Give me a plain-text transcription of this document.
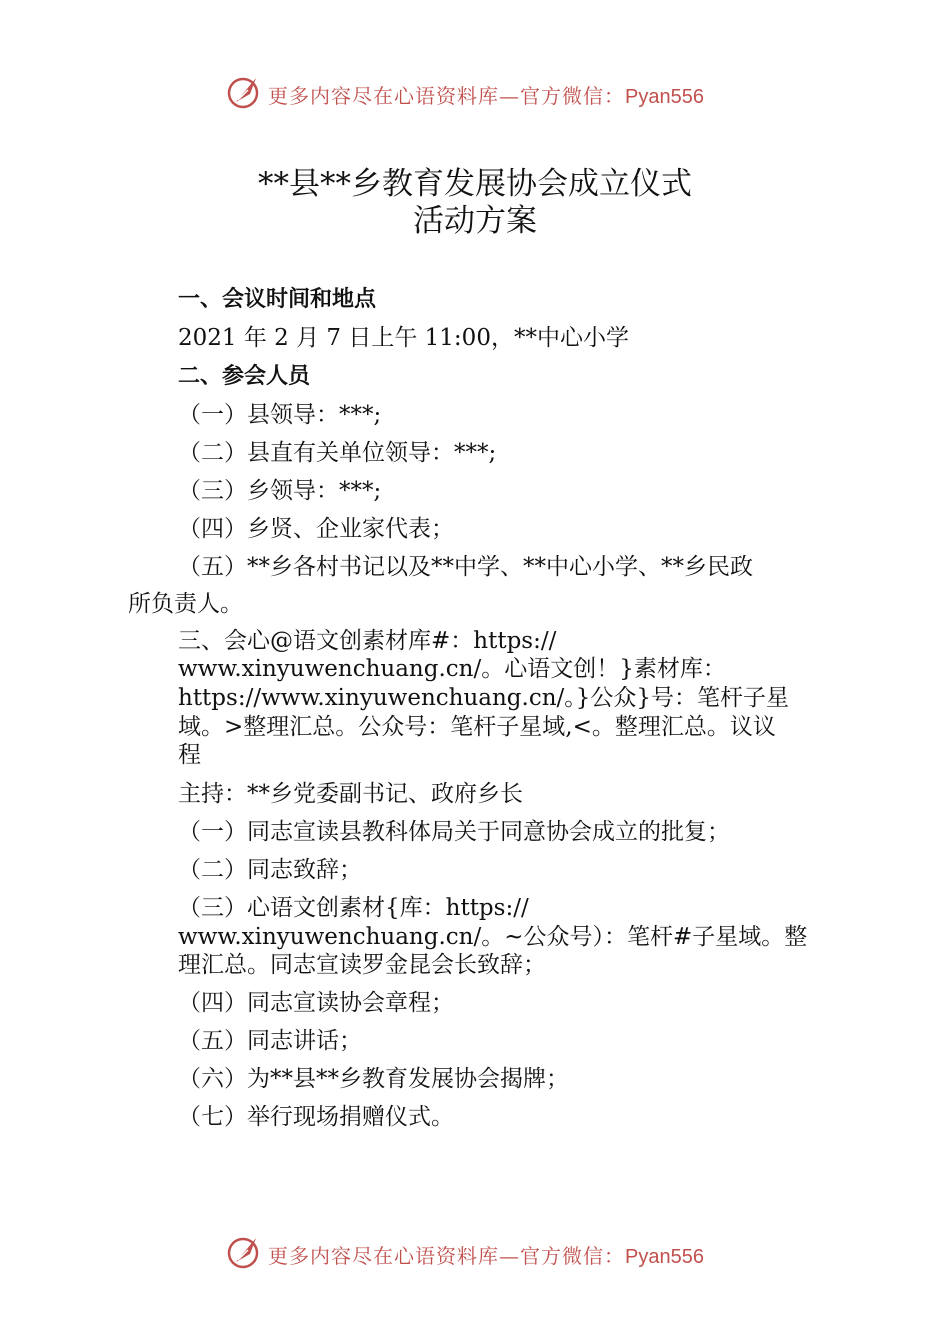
更多内容尽在心语资料库—官方微信：Pyan556
**县**乡教育发展协会成立仪式
活动方案
一、会议时间和地点
2021 年 2 月 7 日上午 11:00，**中心小学
二、参会人员
（一）县领导：***;
（二）县直有关单位领导：***;
（三）乡领导：***;
（四）乡贤、企业家代表；
（五）**乡各村书记以及**中学、**中心小学、**乡民政
所负责人。
三、会心@语文创素材库#：https://
www.xinyuwenchuang.cn/。心语文创！}素材库：
https://www.xinyuwenchuang.cn/。}公众}号：笔杆子星
域。>整理汇总。公众号：笔杆子星域,<。整理汇总。议议
程
主持：**乡党委副书记、政府乡长
（一）同志宣读县教科体局关于同意协会成立的批复；
（二）同志致辞；
（三）心语文创素材{库：https://
www.xinyuwenchuang.cn/。~公众号）：笔杆#子星域。整
理汇总。同志宣读罗金昆会长致辞；
（四）同志宣读协会章程；
（五）同志讲话；
（六）为**县**乡教育发展协会揭牌；
（七）举行现场捐赠仪式。
更多内容尽在心语资料库—官方微信：Pyan556
